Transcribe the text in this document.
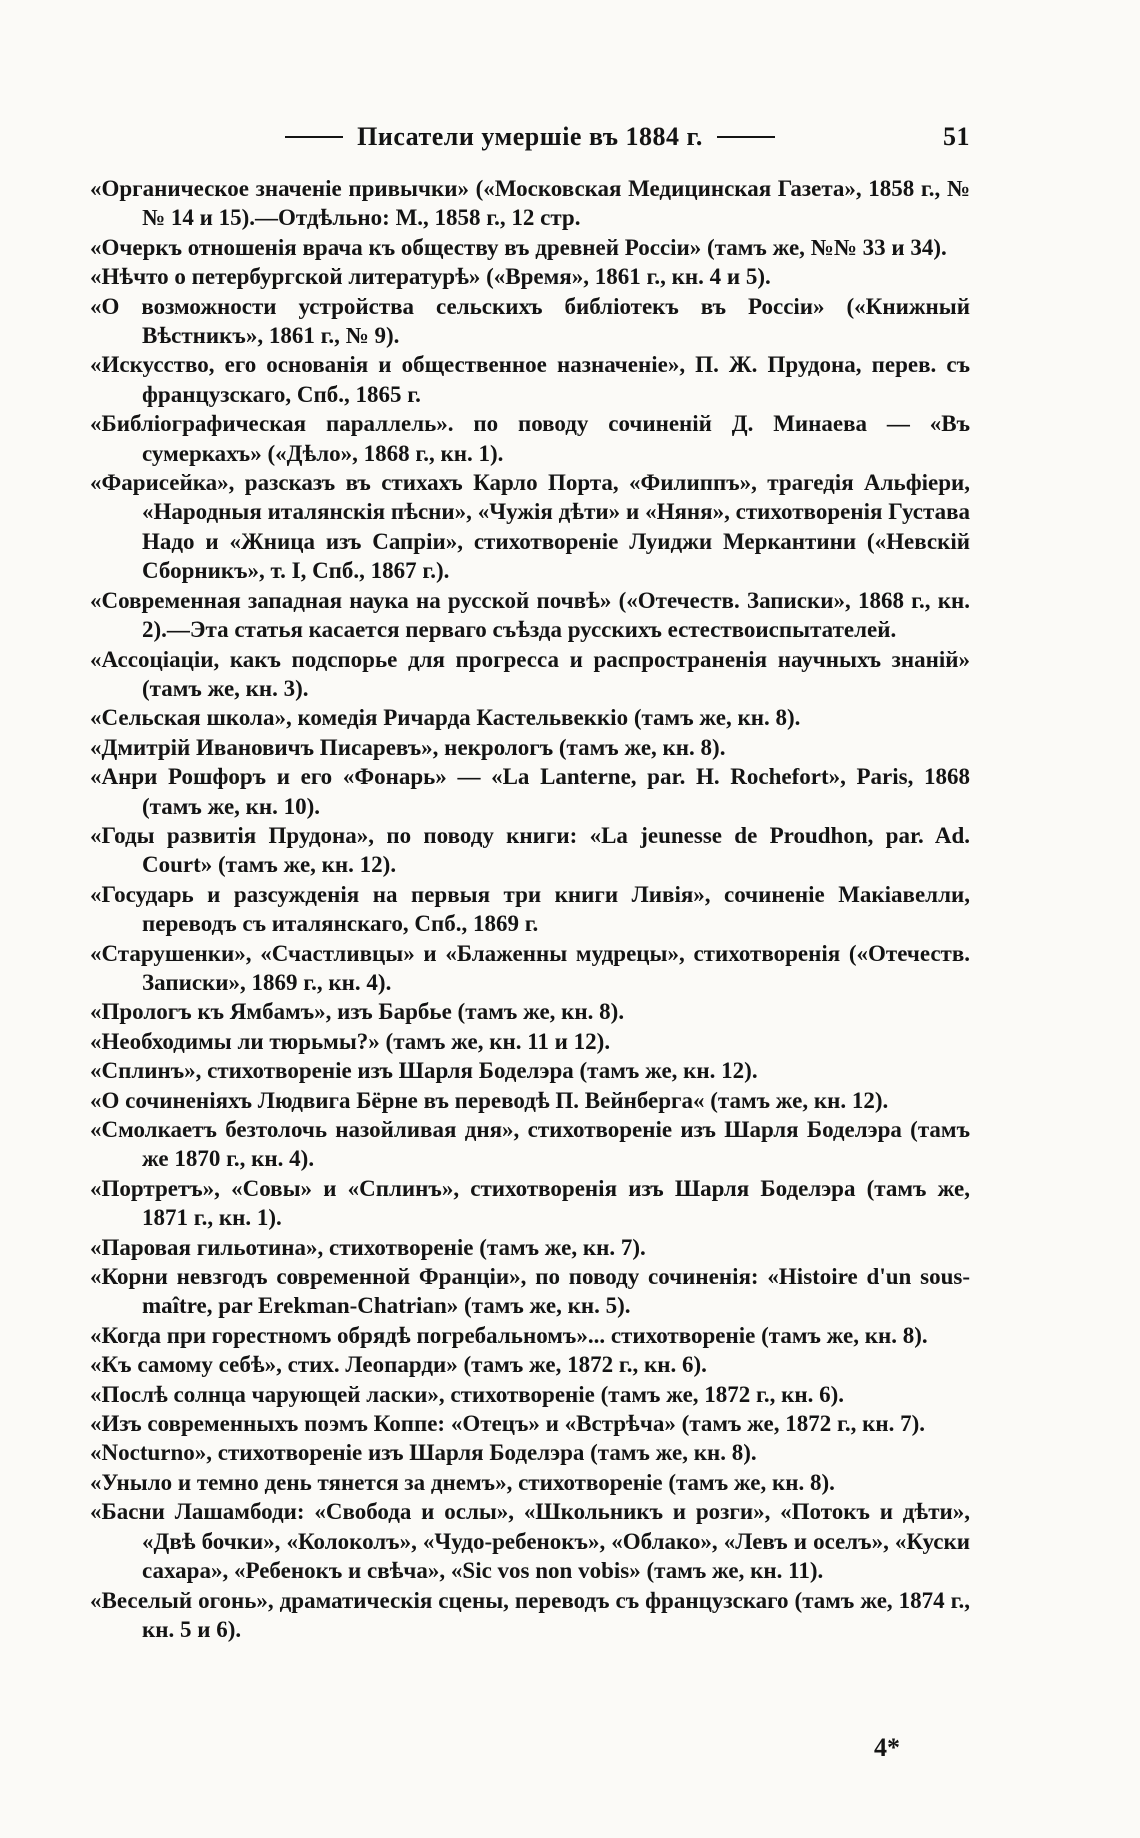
Писатели умершіе въ 1884 г.	51

«Органическое значеніе привычки» («Московская Медицинская Газета», 1858 г., №№ 14 и 15).—Отдѣльно: М., 1858 г., 12 стр.

«Очеркъ отношенія врача къ обществу въ древней Россіи» (тамъ же, №№ 33 и 34).

«Нѣчто о петербургской литературѣ» («Время», 1861 г., кн. 4 и 5).

«О возможности устройства сельскихъ библіотекъ въ Россіи» («Книжный Вѣстникъ», 1861 г., № 9).

«Искусство, его основанія и общественное назначеніе», П. Ж. Прудона, перев. съ французскаго, Спб., 1865 г.

«Библіографическая параллель». по поводу сочиненій Д. Минаева — «Въ сумеркахъ» («Дѣло», 1868 г., кн. 1).

«Фарисейка», разсказъ въ стихахъ Карло Порта, «Филиппъ», трагедія Альфіери, «Народныя италянскія пѣсни», «Чужія дѣти» и «Няня», стихотворенія Густава Надо и «Жница изъ Сапріи», стихотвореніе Луиджи Меркантини («Невскій Сборникъ», т. I, Спб., 1867 г.).

«Современная западная наука на русской почвѣ» («Отечеств. Записки», 1868 г., кн. 2).—Эта статья касается перваго съѣзда русскихъ естествоиспытателей.

«Ассоціаціи, какъ подспорье для прогресса и распространенія научныхъ знаній» (тамъ же, кн. 3).

«Сельская школа», комедія Ричарда Кастельвеккіо (тамъ же, кн. 8).

«Дмитрій Ивановичъ Писаревъ», некрологъ (тамъ же, кн. 8).

«Анри Рошфоръ и его «Фонарь» — «La Lanterne, par. H. Rochefort», Paris, 1868 (тамъ же, кн. 10).

«Годы развитія Прудона», по поводу книги: «La jeunesse de Proudhon, par. Ad. Court» (тамъ же, кн. 12).

«Государь и разсужденія на первыя три книги Ливія», сочиненіе Макіавелли, переводъ съ италянскаго, Спб., 1869 г.

«Старушенки», «Счастливцы» и «Блаженны мудрецы», стихотворенія («Отечеств. Записки», 1869 г., кн. 4).

«Прологъ къ Ямбамъ», изъ Барбье (тамъ же, кн. 8).

«Необходимы ли тюрьмы?» (тамъ же, кн. 11 и 12).

«Сплинъ», стихотвореніе изъ Шарля Боделэра (тамъ же, кн. 12).

«О сочиненіяхъ Людвига Бёрне въ переводѣ П. Вейнберга« (тамъ же, кн. 12).

«Смолкаетъ безтолочь назойливая дня», стихотвореніе изъ Шарля Боделэра (тамъ же 1870 г., кн. 4).

«Портретъ», «Совы» и «Сплинъ», стихотворенія изъ Шарля Боделэра (тамъ же, 1871 г., кн. 1).

«Паровая гильотина», стихотвореніе (тамъ же, кн. 7).

«Корни невзгодъ современной Франціи», по поводу сочиненія: «Histoire d'un sous-maître, par Erekman-Chatrian» (тамъ же, кн. 5).

«Когда при горестномъ обрядѣ погребальномъ»... стихотвореніе (тамъ же, кн. 8).

«Къ самому себѣ», стих. Леопарди» (тамъ же, 1872 г., кн. 6).

«Послѣ солнца чарующей ласки», стихотвореніе (тамъ же, 1872 г., кн. 6).

«Изъ современныхъ поэмъ Коппе: «Отецъ» и «Встрѣча» (тамъ же, 1872 г., кн. 7).

«Nocturno», стихотвореніе изъ Шарля Боделэра (тамъ же, кн. 8).

«Уныло и темно день тянется за днемъ», стихотвореніе (тамъ же, кн. 8).

«Басни Лашамбоди: «Свобода и ослы», «Школьникъ и розги», «Потокъ и дѣти», «Двѣ бочки», «Колоколъ», «Чудо-ребенокъ», «Облако», «Левъ и оселъ», «Куски сахара», «Ребенокъ и свѣча», «Sic vos non vobis» (тамъ же, кн. 11).

«Веселый огонь», драматическія сцены, переводъ съ французскаго (тамъ же, 1874 г., кн. 5 и 6).

4*
